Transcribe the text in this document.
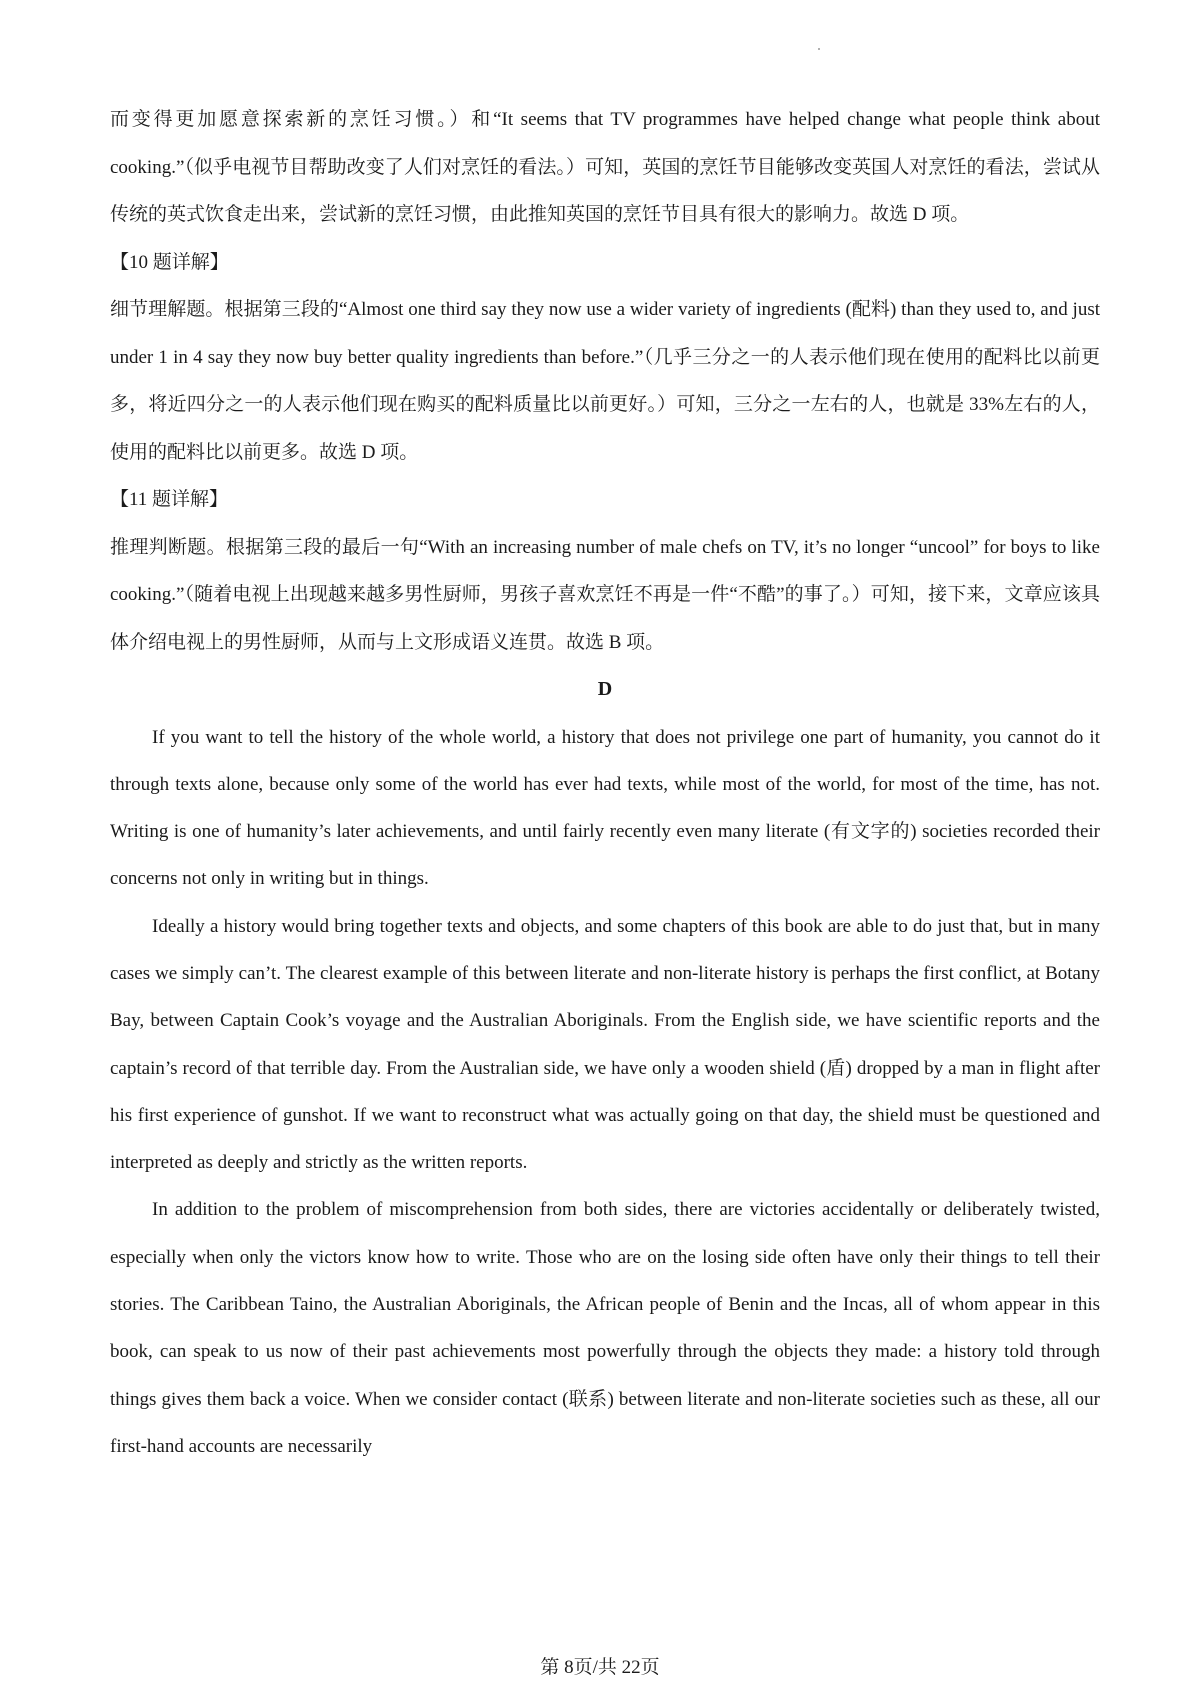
而变得更加愿意探索新的烹饪习惯。）和“It seems that TV programmes have helped change what people think about cooking.”（似乎电视节目帮助改变了人们对烹饪的看法。）可知，英国的烹饪节目能够改变英国人对烹饪的看法，尝试从传统的英式饮食走出来，尝试新的烹饪习惯，由此推知英国的烹饪节目具有很大的影响力。故选 D 项。

【10 题详解】

细节理解题。根据第三段的“Almost one third say they now use a wider variety of ingredients (配料) than they used to, and just under 1 in 4 say they now buy better quality ingredients than before.”（几乎三分之一的人表示他们现在使用的配料比以前更多，将近四分之一的人表示他们现在购买的配料质量比以前更好。）可知，三分之一左右的人，也就是 33%左右的人，使用的配料比以前更多。故选 D 项。

【11 题详解】

推理判断题。根据第三段的最后一句“With an increasing number of male chefs on TV, it’s no longer “uncool” for boys to like cooking.”（随着电视上出现越来越多男性厨师，男孩子喜欢烹饪不再是一件“不酷”的事了。）可知，接下来，文章应该具体介绍电视上的男性厨师，从而与上文形成语义连贯。故选 B 项。

D

If you want to tell the history of the whole world, a history that does not privilege one part of humanity, you cannot do it through texts alone, because only some of the world has ever had texts, while most of the world, for most of the time, has not. Writing is one of humanity’s later achievements, and until fairly recently even many literate (有文字的) societies recorded their concerns not only in writing but in things.

Ideally a history would bring together texts and objects, and some chapters of this book are able to do just that, but in many cases we simply can’t. The clearest example of this between literate and non-literate history is perhaps the first conflict, at Botany Bay, between Captain Cook’s voyage and the Australian Aboriginals. From the English side, we have scientific reports and the captain’s record of that terrible day. From the Australian side, we have only a wooden shield (盾) dropped by a man in flight after his first experience of gunshot. If we want to reconstruct what was actually going on that day, the shield must be questioned and interpreted as deeply and strictly as the written reports.

In addition to the problem of miscomprehension from both sides, there are victories accidentally or deliberately twisted, especially when only the victors know how to write. Those who are on the losing side often have only their things to tell their stories. The Caribbean Taino, the Australian Aboriginals, the African people of Benin and the Incas, all of whom appear in this book, can speak to us now of their past achievements most powerfully through the objects they made: a history told through things gives them back a voice. When we consider contact (联系) between literate and non-literate societies such as these, all our first-hand accounts are necessarily

第 8页/共 22页
